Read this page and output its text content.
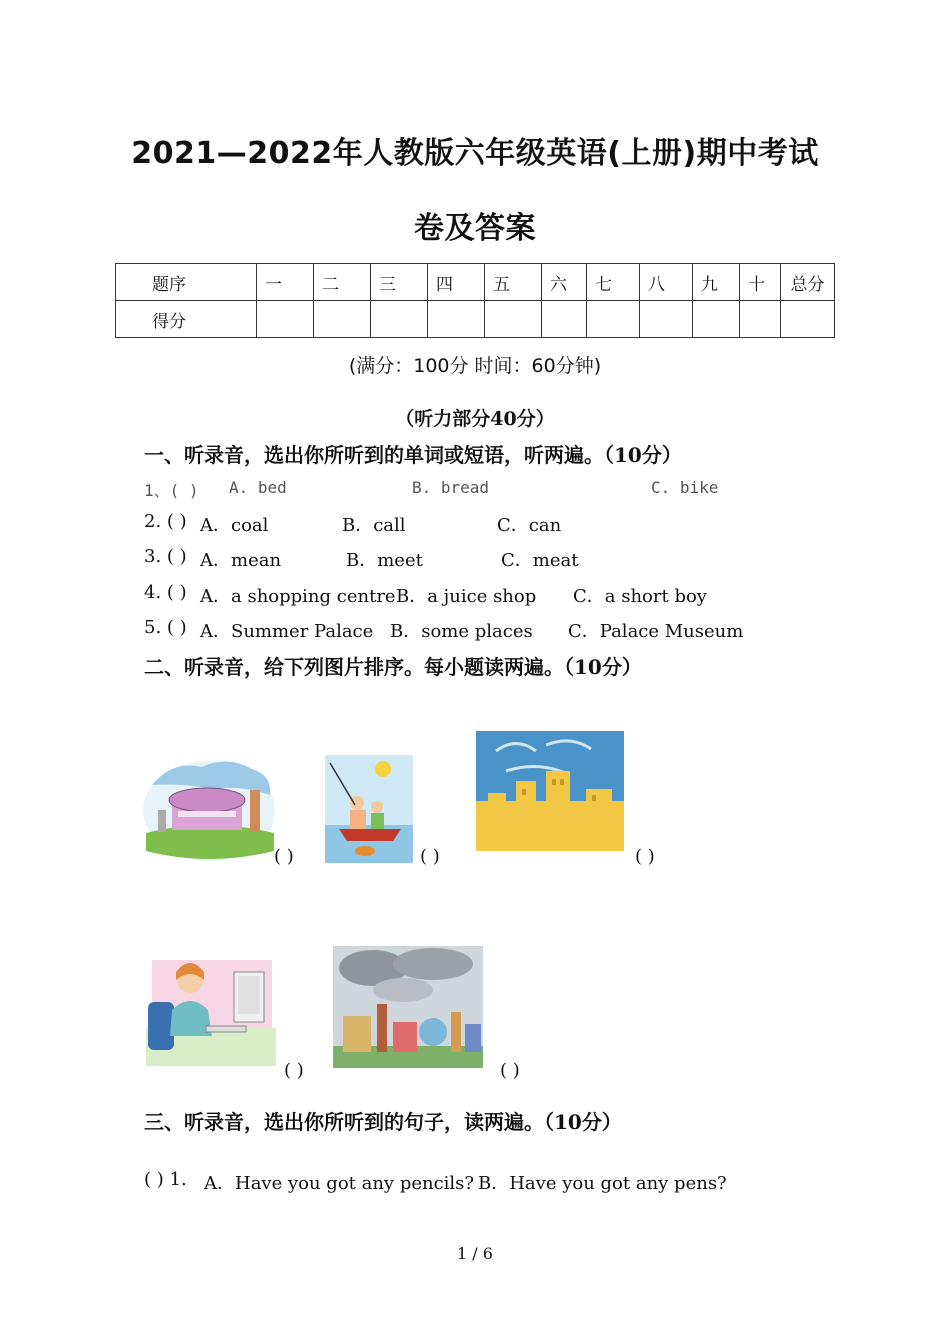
2021—2022年人教版六年级英语(上册)期中考试
卷及答案
题序	一	二	三	四	五	六	七	八	九	十	总分
得分											
(满分：100分 时间：60分钟)
（听力部分40分）
一、听录音，选出你所听到的单词或短语，听两遍。（10分）
1、( ) A. bed	B. bread	C. bike
2. ( ) A．coal	B．call	C．can
3. ( ) A．mean	B．meet	C．meat
4. ( ) A．a shopping centre B．a juice shop C．a short boy
5. ( ) A．Summer Palace B．some places C．Palace Museum
二、听录音，给下列图片排序。每小题读两遍。（10分）
( )	( )	( )
( )	( )
三、听录音，选出你所听到的句子，读两遍。（10分）
( ) 1. A．Have you got any pencils? B．Have you got any pens?
1 / 6
